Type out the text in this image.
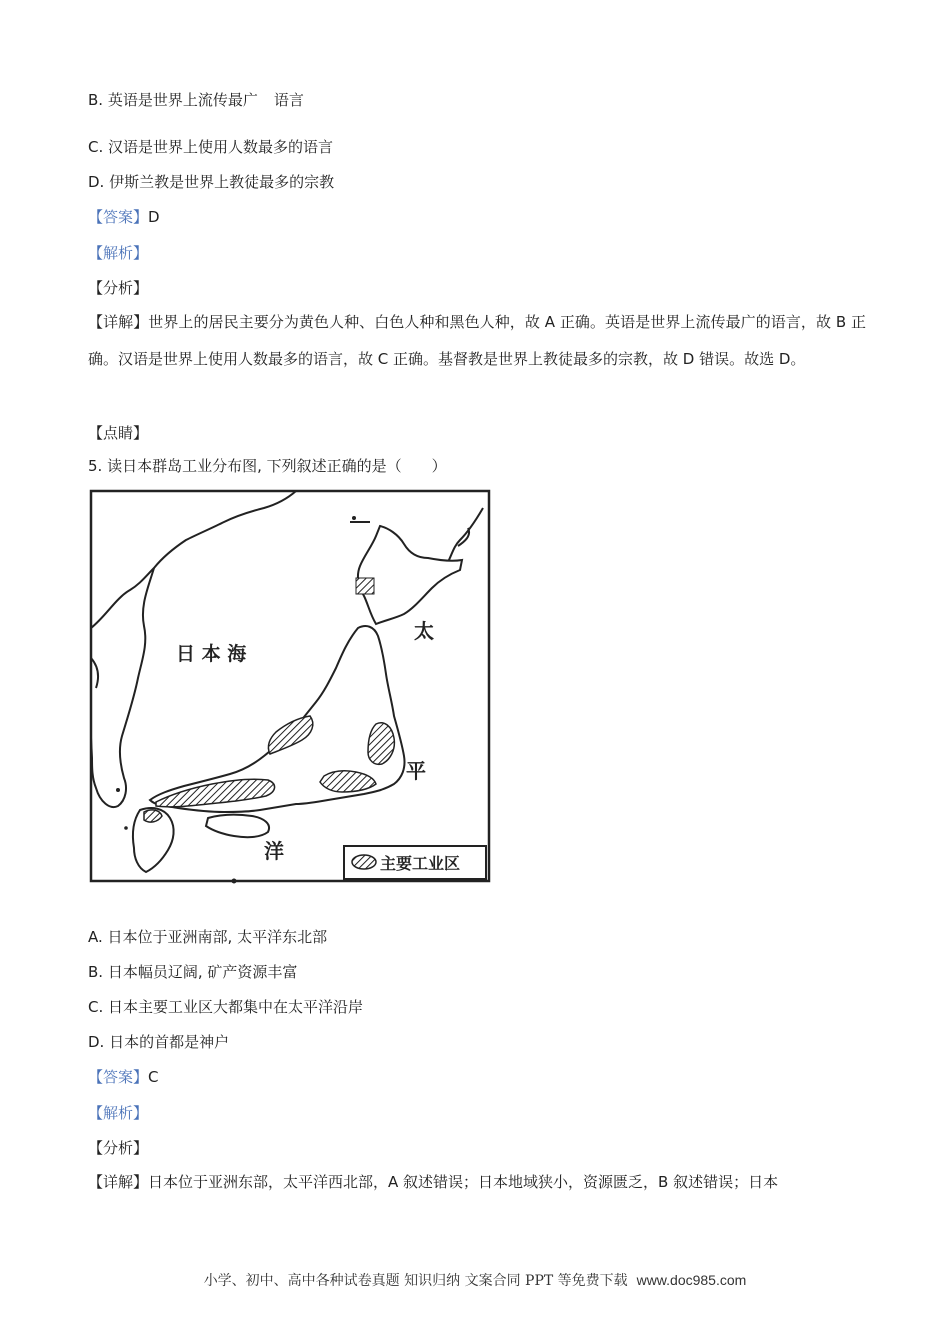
B. 英语是世界上流传最广 语言
C. 汉语是世界上使用人数最多的语言
D. 伊斯兰教是世界上教徒最多的宗教
【答案】D
【解析】
【分析】
【详解】世界上的居民主要分为黄色人种、白色人种和黑色人种，故 A 正确。英语是世界上流传最广的语言，故 B 正确。汉语是世界上使用人数最多的语言，故 C 正确。基督教是世界上教徒最多的宗教，故 D 错误。故选 D。
【点睛】
5. 读日本群岛工业分布图, 下列叙述正确的是（　　）
日 本 海
太
平
洋
主要工业区
A. 日本位于亚洲南部, 太平洋东北部
B. 日本幅员辽阔, 矿产资源丰富
C. 日本主要工业区大都集中在太平洋沿岸
D. 日本的首都是神户
【答案】C
【解析】
【分析】
【详解】日本位于亚洲东部，太平洋西北部，A 叙述错误；日本地域狭小，资源匮乏，B 叙述错误；日本
小学、初中、高中各种试卷真题 知识归纳 文案合同 PPT 等免费下载 www.doc985.com
